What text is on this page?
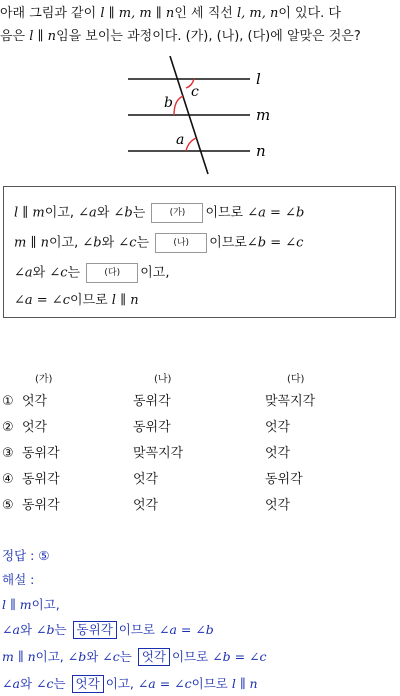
아래 그림과 같이 l ∥ m, m ∥ n인 세 직선 l, m, n이 있다. 다
음은 l ∥ n임을 보이는 과정이다. (가), (나), (다)에 알맞은 것은?
l
m
n
c
b
a
l ∥ m이고, ∠a와 ∠b는 (가) 이므로 ∠a = ∠b
m ∥ n이고, ∠b와 ∠c는 (나) 이므로∠b = ∠c
∠a와 ∠c는 (다) 이고,
∠a = ∠c이므로 l ∥ n
(가)	(나)	(다)
① 엇각	동위각	맞꼭지각
② 엇각	동위각	엇각
③ 동위각	맞꼭지각	엇각
④ 동위각	엇각	동위각
⑤ 동위각	엇각	엇각
정답 : ⑤
해설 :
l ∥ m이고,
∠a와 ∠b는 동위각 이므로 ∠a = ∠b
m ∥ n이고, ∠b와 ∠c는 엇각 이므로 ∠b = ∠c
∠a와 ∠c는 엇각 이고, ∠a = ∠c이므로 l ∥ n
